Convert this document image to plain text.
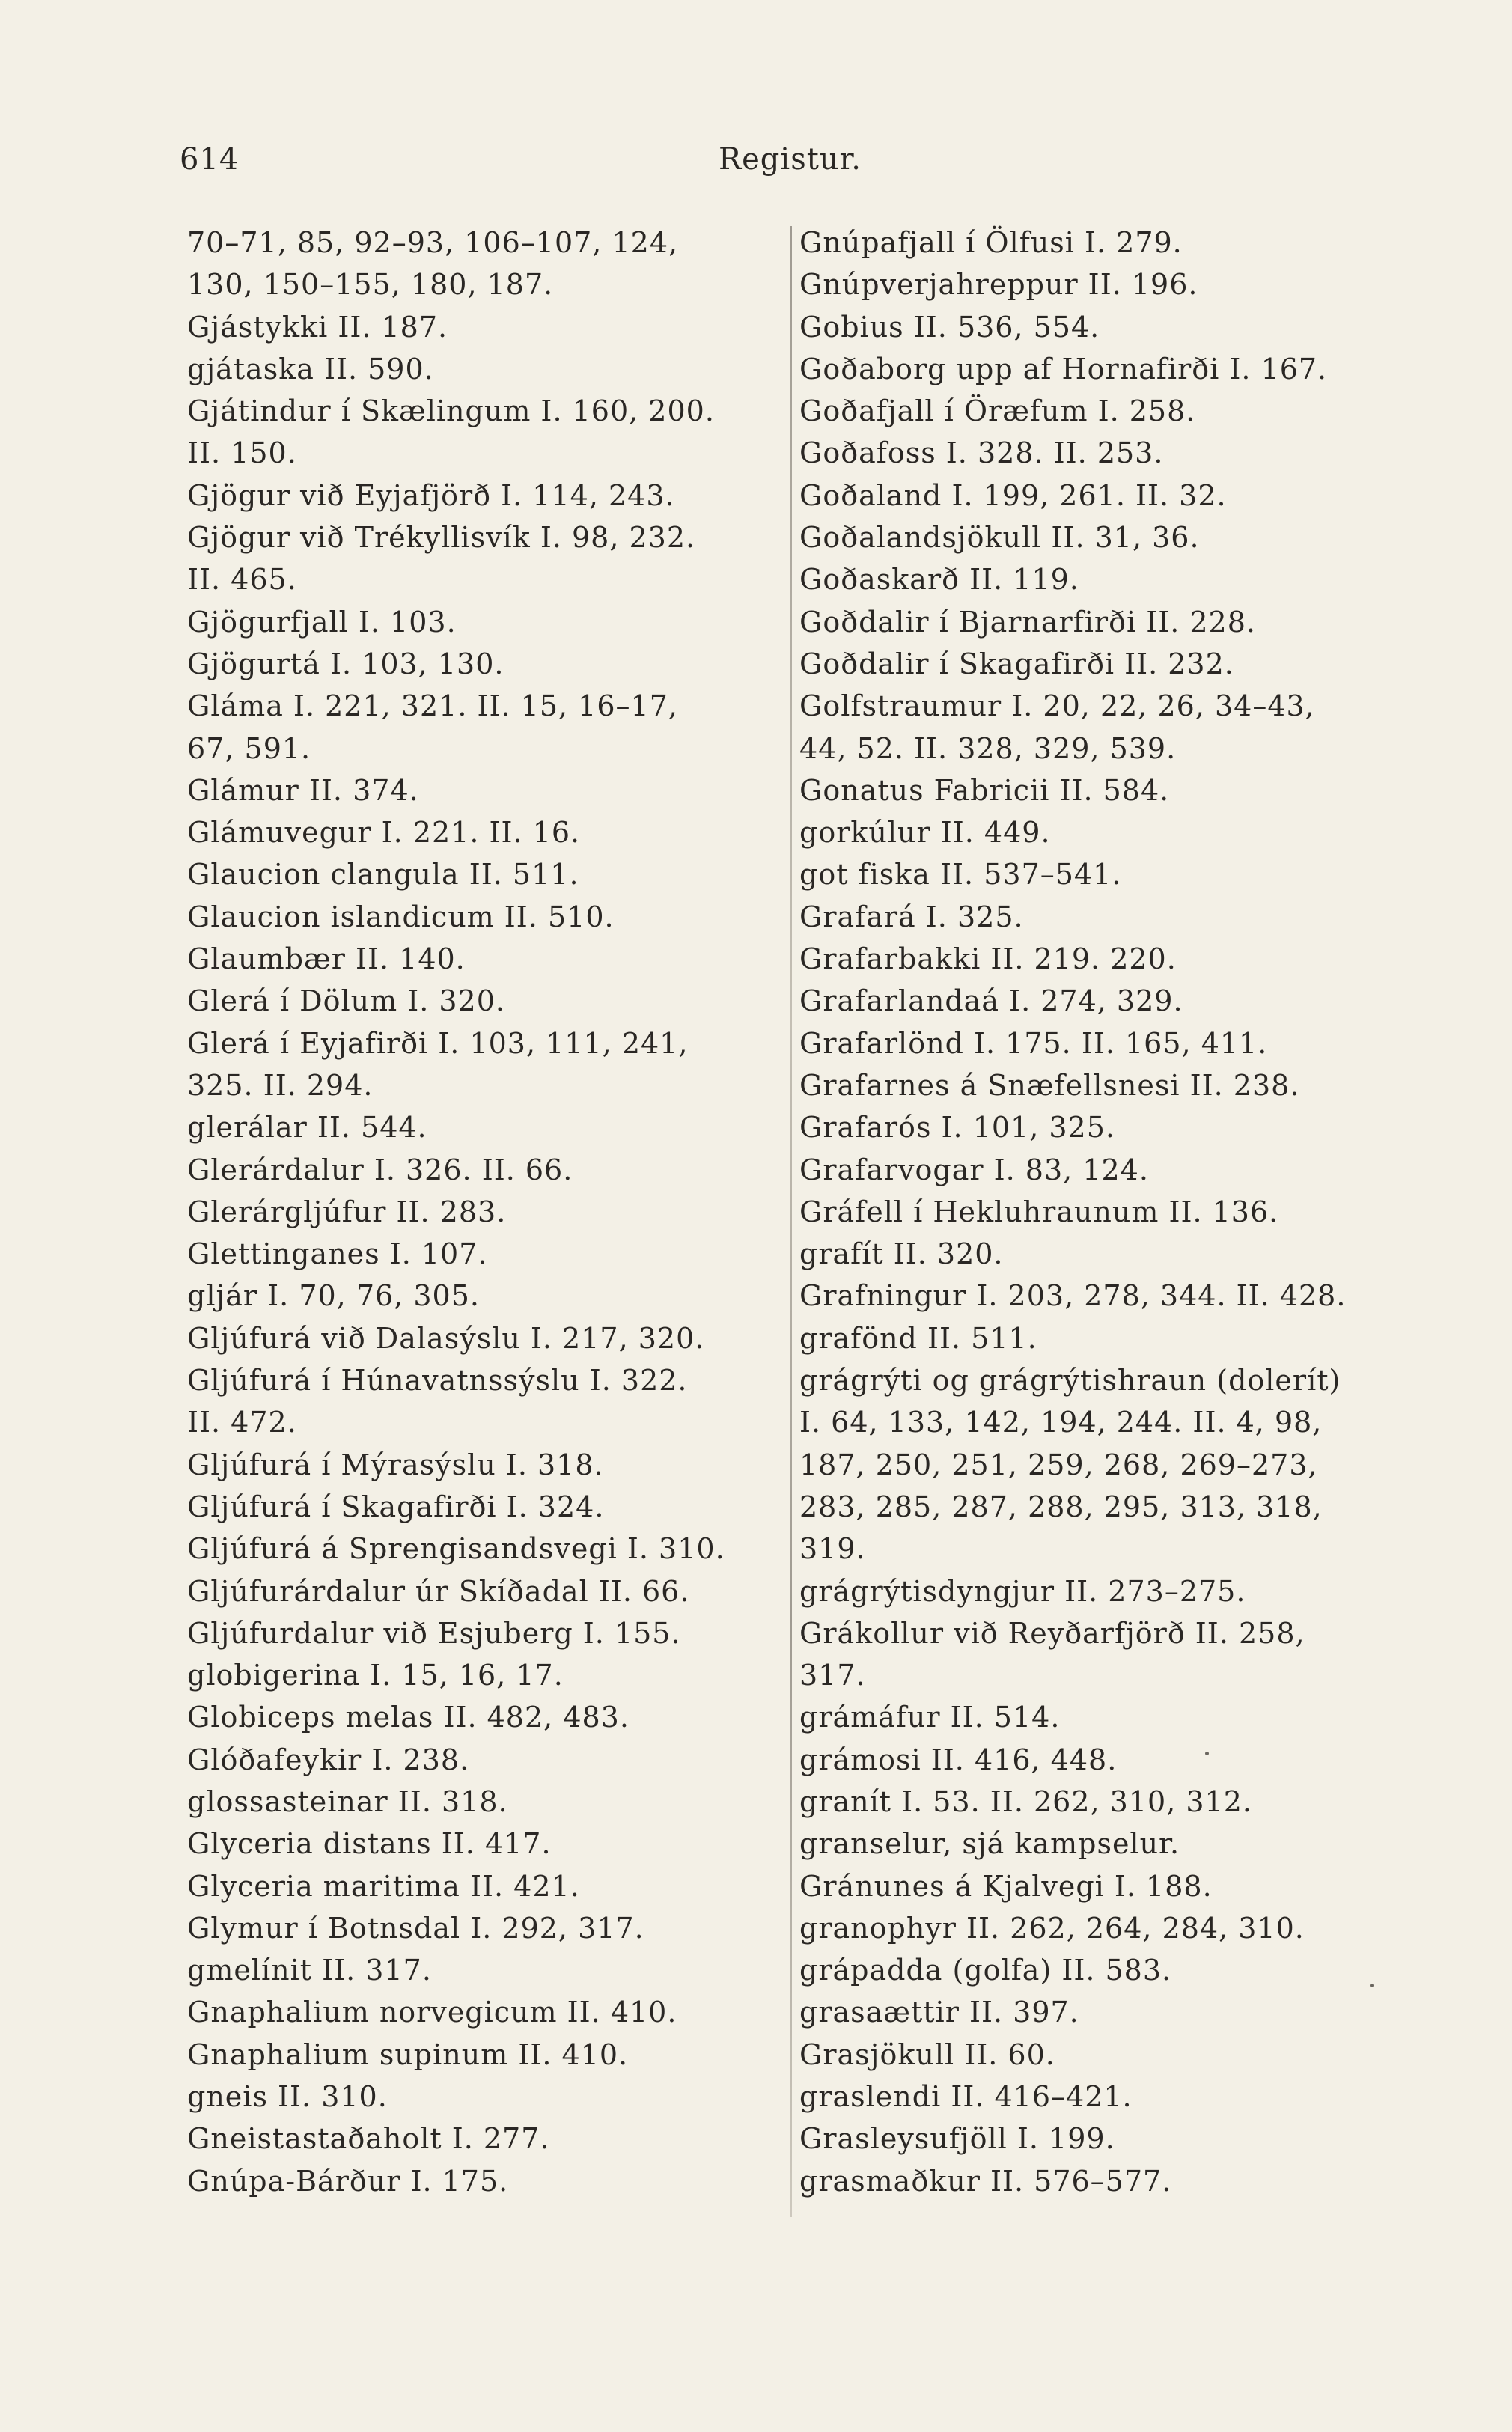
614	Registur.
70–71, 85, 92–93, 106–107, 124,
130, 150–155, 180, 187.
Gjástykki II. 187.
gjátaska II. 590.
Gjátindur í Skælingum I. 160, 200.
II. 150.
Gjögur við Eyjafjörð I. 114, 243.
Gjögur við Trékyllisvík I. 98, 232.
II. 465.
Gjögurfjall I. 103.
Gjögurtá I. 103, 130.
Gláma I. 221, 321. II. 15, 16–17,
67, 591.
Glámur II. 374.
Glámuvegur I. 221. II. 16.
Glaucion clangula II. 511.
Glaucion islandicum II. 510.
Glaumbær II. 140.
Glerá í Dölum I. 320.
Glerá í Eyjafirði I. 103, 111, 241,
325. II. 294.
glerálar II. 544.
Glerárdalur I. 326. II. 66.
Glerárgljúfur II. 283.
Glettinganes I. 107.
gljár I. 70, 76, 305.
Gljúfurá við Dalasýslu I. 217, 320.
Gljúfurá í Húnavatnssýslu I. 322.
II. 472.
Gljúfurá í Mýrasýslu I. 318.
Gljúfurá í Skagafirði I. 324.
Gljúfurá á Sprengisandsvegi I. 310.
Gljúfurárdalur úr Skíðadal II. 66.
Gljúfurdalur við Esjuberg I. 155.
globigerina I. 15, 16, 17.
Globiceps melas II. 482, 483.
Glóðafeykir I. 238.
glossasteinar II. 318.
Glyceria distans II. 417.
Glyceria maritima II. 421.
Glymur í Botnsdal I. 292, 317.
gmelínit II. 317.
Gnaphalium norvegicum II. 410.
Gnaphalium supinum II. 410.
gneis II. 310.
Gneistastaðaholt I. 277.
Gnúpa-Bárður I. 175.
Gnúpafjall í Ölfusi I. 279.
Gnúpverjahreppur II. 196.
Gobius II. 536, 554.
Goðaborg upp af Hornafirði I. 167.
Goðafjall í Öræfum I. 258.
Goðafoss I. 328. II. 253.
Goðaland I. 199, 261. II. 32.
Goðalandsjökull II. 31, 36.
Goðaskarð II. 119.
Goðdalir í Bjarnarfirði II. 228.
Goðdalir í Skagafirði II. 232.
Golfstraumur I. 20, 22, 26, 34–43,
44, 52. II. 328, 329, 539.
Gonatus Fabricii II. 584.
gorkúlur II. 449.
got fiska II. 537–541.
Grafará I. 325.
Grafarbakki II. 219. 220.
Grafarlandaá I. 274, 329.
Grafarlönd I. 175. II. 165, 411.
Grafarnes á Snæfellsnesi II. 238.
Grafarós I. 101, 325.
Grafarvogar I. 83, 124.
Gráfell í Hekluhraunum II. 136.
grafít II. 320.
Grafningur I. 203, 278, 344. II. 428.
grafönd II. 511.
grágrýti og grágrýtishraun (dolerít)
I. 64, 133, 142, 194, 244. II. 4, 98,
187, 250, 251, 259, 268, 269–273,
283, 285, 287, 288, 295, 313, 318,
319.
grágrýtisdyngjur II. 273–275.
Grákollur við Reyðarfjörð II. 258,
317.
grámáfur II. 514.
grámosi II. 416, 448.
granít I. 53. II. 262, 310, 312.
granselur, sjá kampselur.
Gránunes á Kjalvegi I. 188.
granophyr II. 262, 264, 284, 310.
grápadda (golfa) II. 583.
grasaættir II. 397.
Grasjökull II. 60.
graslendi II. 416–421.
Grasleysufjöll I. 199.
grasmaðkur II. 576–577.
